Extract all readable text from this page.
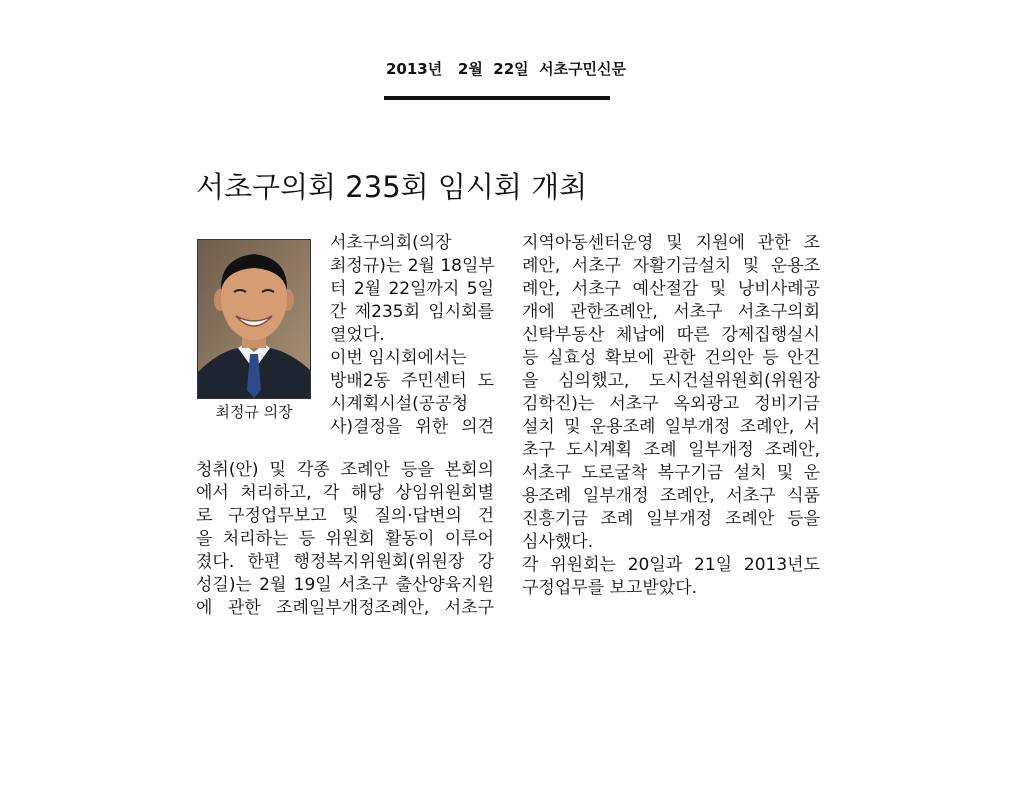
2013년   2월  22일  서초구민신문
서초구의회 235회 임시회 개최
최정규 의장
서초구의회(의장
최정규)는 2월 18일부
터 2월 22일까지 5일
간 제235회 임시회를
열었다.
이번 임시회에서는
방배2동 주민센터 도
시계획시설(공공청
사)결정을 위한 의견
청취(안) 및 각종 조례안 등을 본회의
에서 처리하고, 각 해당 상임위원회별
로 구정업무보고 및 질의·답변의 건
을 처리하는 등 위원회 활동이 이루어
졌다. 한편 행정복지위원회(위원장 강
성길)는 2월 19일 서초구 출산양육지원
에 관한 조례일부개정조례안, 서초구
지역아동센터운영 및 지원에 관한 조
례안, 서초구 자활기금설치 및 운용조
례안, 서초구 예산절감 및 낭비사례공
개에 관한조례안, 서초구 서초구의회
신탁부동산 체납에 따른 강제집행실시
등 실효성 확보에 관한 건의안 등 안건
을 심의했고, 도시건설위원회(위원장
김학진)는 서초구 옥외광고 정비기금
설치 및 운용조례 일부개정 조례안, 서
초구 도시계획 조례 일부개정 조례안,
서초구 도로굴착 복구기금 설치 및 운
용조례 일부개정 조례안, 서초구 식품
진흥기금 조례 일부개정 조례안 등을
심사했다.
각 위원회는 20일과 21일 2013년도
구정업무를 보고받았다.
